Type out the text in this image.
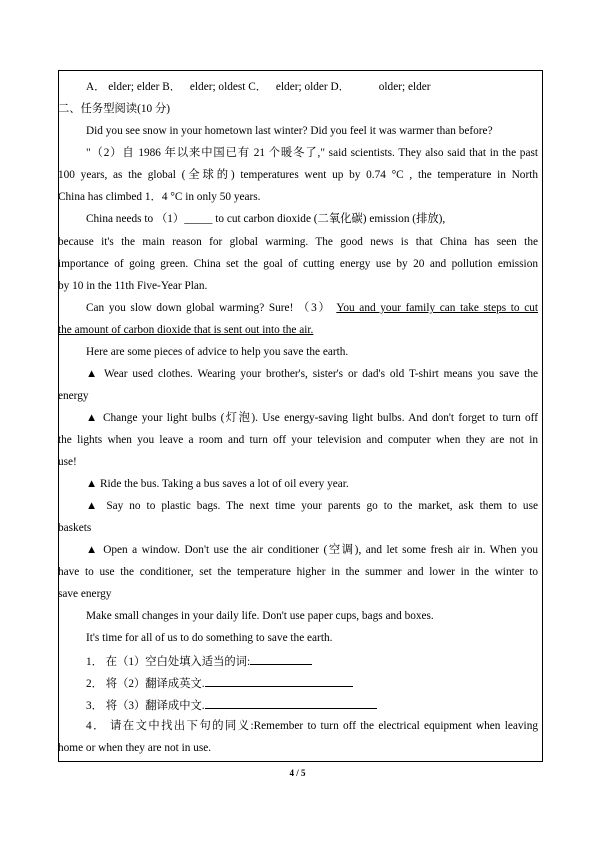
A． elder; elder B． elder; oldest C． elder; older D．	older; elder
二、任务型阅读(10 分)
Did you see snow in your hometown last winter? Did you feel it was warmer than before?
"（2）自 1986 年以来中国已有 21 个暖冬了," said scientists. They also said that in the past
100 years, as the global (全球的) temperatures went up by 0.74 °C , the temperature in North
China has climbed 1．4 °C in only 50 years.
China needs to （1）_____ to cut carbon dioxide (二氧化碳) emission (排放),
because it's the main reason for global warming. The good news is that China has seen the
importance of going green. China set the goal of cutting energy use by 20 and pollution emission
by 10 in the 11th Five-Year Plan.
Can you slow down global warming? Sure! （3） You and your family can take steps to cut
the amount of carbon dioxide that is sent out into the air.
Here are some pieces of advice to help you save the earth.
▲ Wear used clothes. Wearing your brother's, sister's or dad's old T-shirt means you save the
energy
▲ Change your light bulbs (灯泡). Use energy-saving light bulbs. And don't forget to turn off
the lights when you leave a room and turn off your television and computer when they are not in
use!
▲ Ride the bus. Taking a bus saves a lot of oil every year.
▲ Say no to plastic bags. The next time your parents go to the market, ask them to use
baskets
▲ Open a window. Don't use the air conditioner (空调), and let some fresh air in. When you
have to use the conditioner, set the temperature higher in the summer and lower in the winter to
save energy
Make small changes in your daily life. Don't use paper cups, bags and boxes.
It's time for all of us to do something to save the earth.
1． 在（1）空白处填入适当的词:
2． 将（2）翻译成英文.
3． 将（3）翻译成中文.
4． 请在文中找出下句的同义:Remember to turn off the electrical equipment when leaving
home or when they are not in use.
4 / 5
